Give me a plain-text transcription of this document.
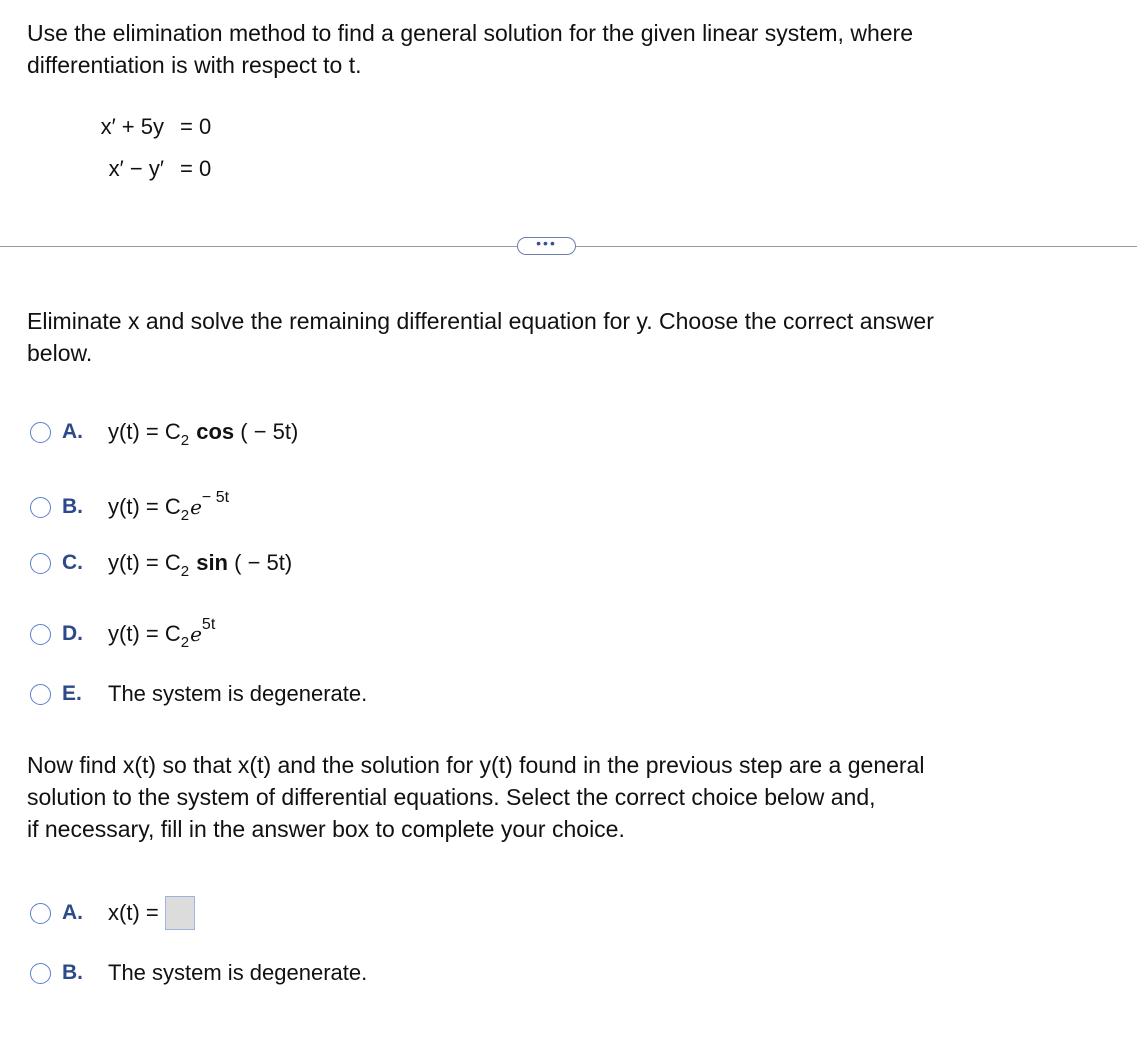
Use the elimination method to find a general solution for the given linear system, where

differentiation is with respect to t.

x′ + 5y = 0
x′ − y′ = 0
•••

Eliminate x and solve the remaining differential equation for y. Choose the correct answer

below.

A.	$y(t) = C_2$ cos ( − 5t)
B.	$y(t) = C_2e^{- 5t}$
C.	$y(t) = C_2$ sin ( − 5t)
D.	$y(t) = C_2e^{5t}$
E.	The system is degenerate.

Now find x(t) so that x(t) and the solution for y(t) found in the previous step are a general

solution to the system of differential equations. Select the correct choice below and,

if necessary, fill in the answer box to complete your choice.

A.	x(t) =
B.	The system is degenerate.
